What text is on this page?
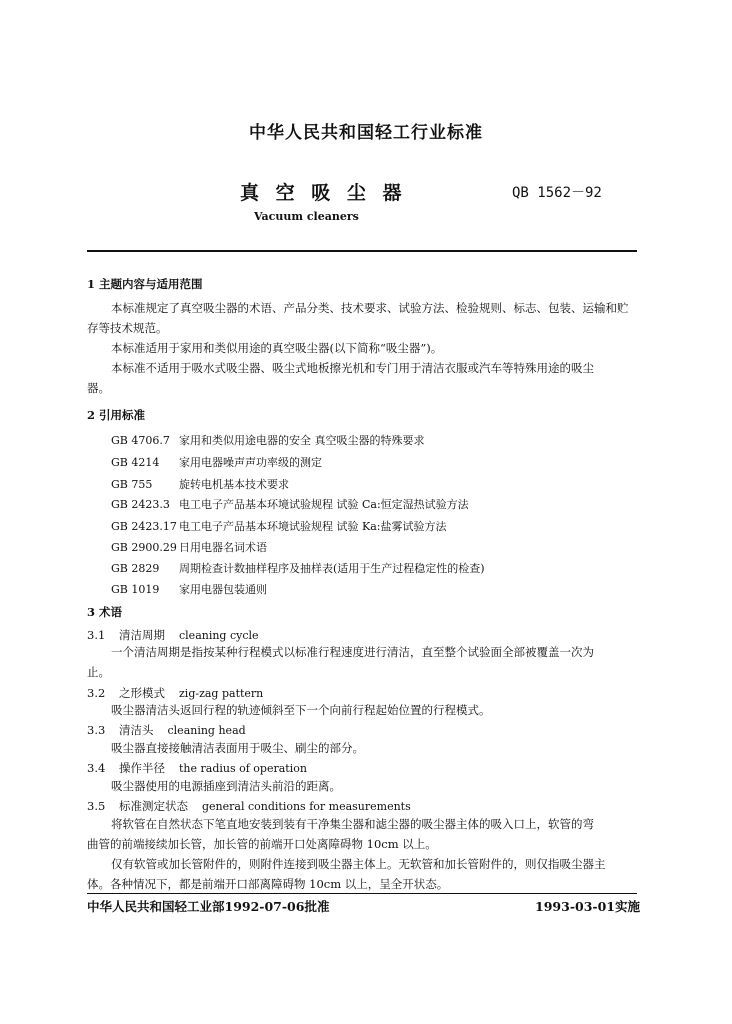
中华人民共和国轻工行业标准
真 空 吸 尘 器	QB 1562－92
Vacuum cleaners
1 主题内容与适用范围
本标准规定了真空吸尘器的术语、产品分类、技术要求、试验方法、检验规则、标志、包装、运输和贮
存等技术规范。
本标准适用于家用和类似用途的真空吸尘器(以下简称“吸尘器”)。
本标准不适用于吸水式吸尘器、吸尘式地板擦光机和专门用于清洁衣服或汽车等特殊用途的吸尘
器。
2 引用标准
GB 4706.7 家用和类似用途电器的安全 真空吸尘器的特殊要求
GB 4214 家用电器噪声声功率级的测定
GB 755 旋转电机基本技术要求
GB 2423.3 电工电子产品基本环境试验规程 试验 Ca:恒定湿热试验方法
GB 2423.17 电工电子产品基本环境试验规程 试验 Ka:盐雾试验方法
GB 2900.29 日用电器名词术语
GB 2829 周期检查计数抽样程序及抽样表(适用于生产过程稳定性的检查)
GB 1019 家用电器包装通则
3 术语
3.1 清洁周期 cleaning cycle
一个清洁周期是指按某种行程模式以标准行程速度进行清洁，直至整个试验面全部被覆盖一次为
止。
3.2 之形模式 zig-zag pattern
吸尘器清洁头返回行程的轨迹倾斜至下一个向前行程起始位置的行程模式。
3.3 清洁头 cleaning head
吸尘器直接接触清洁表面用于吸尘、刷尘的部分。
3.4 操作半径 the radius of operation
吸尘器使用的电源插座到清洁头前沿的距离。
3.5 标准测定状态 general conditions for measurements
将软管在自然状态下笔直地安装到装有干净集尘器和滤尘器的吸尘器主体的吸入口上，软管的弯
曲管的前端接续加长管，加长管的前端开口处离障碍物 10cm 以上。
仅有软管或加长管附件的，则附件连接到吸尘器主体上。无软管和加长管附件的，则仅指吸尘器主
体。各种情况下，都是前端开口部离障碍物 10cm 以上，呈全开状态。
中华人民共和国轻工业部1992-07-06批准	1993-03-01实施
